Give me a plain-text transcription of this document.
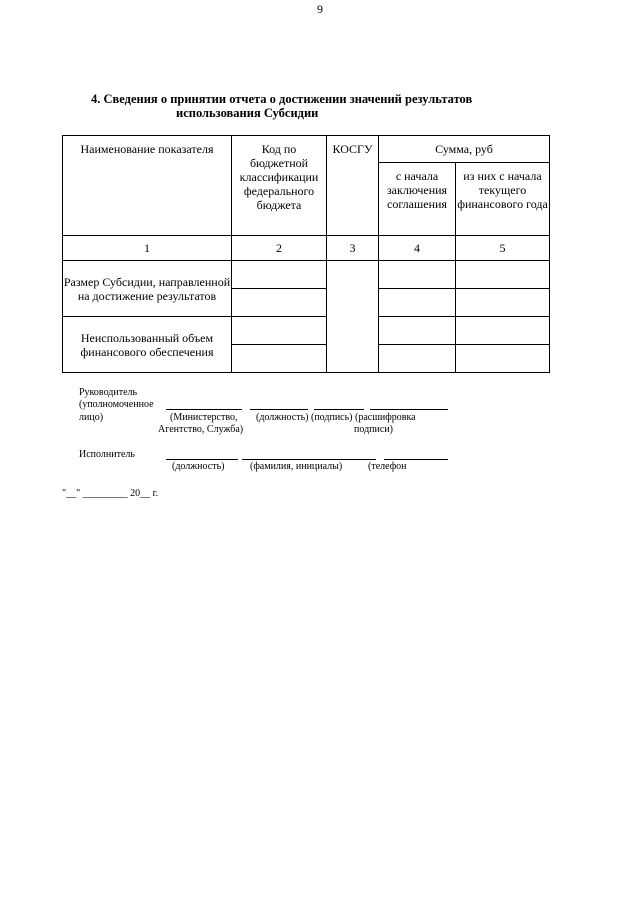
9
4. Сведения о принятии отчета о достижении значений результатов
использования Субсидии
Наименование показателя	Код по бюджетной классификации федерального бюджета	КОСГУ	Сумма, руб	
			с начала заключения соглашения	из них с начала текущего финансового года
1	2	3	4	5
Размер Субсидии, направленной на достижение результатов				

Неиспользованный объем финансового обеспечения				

Руководитель
(уполномоченное
лицо)	(Министерство,
Агентство, Служба)
(должность) (подпись) (расшифровка
подписи)
Исполнитель
(должность)	(фамилия, инициалы)	(телефон
"__" _________ 20__ г.
